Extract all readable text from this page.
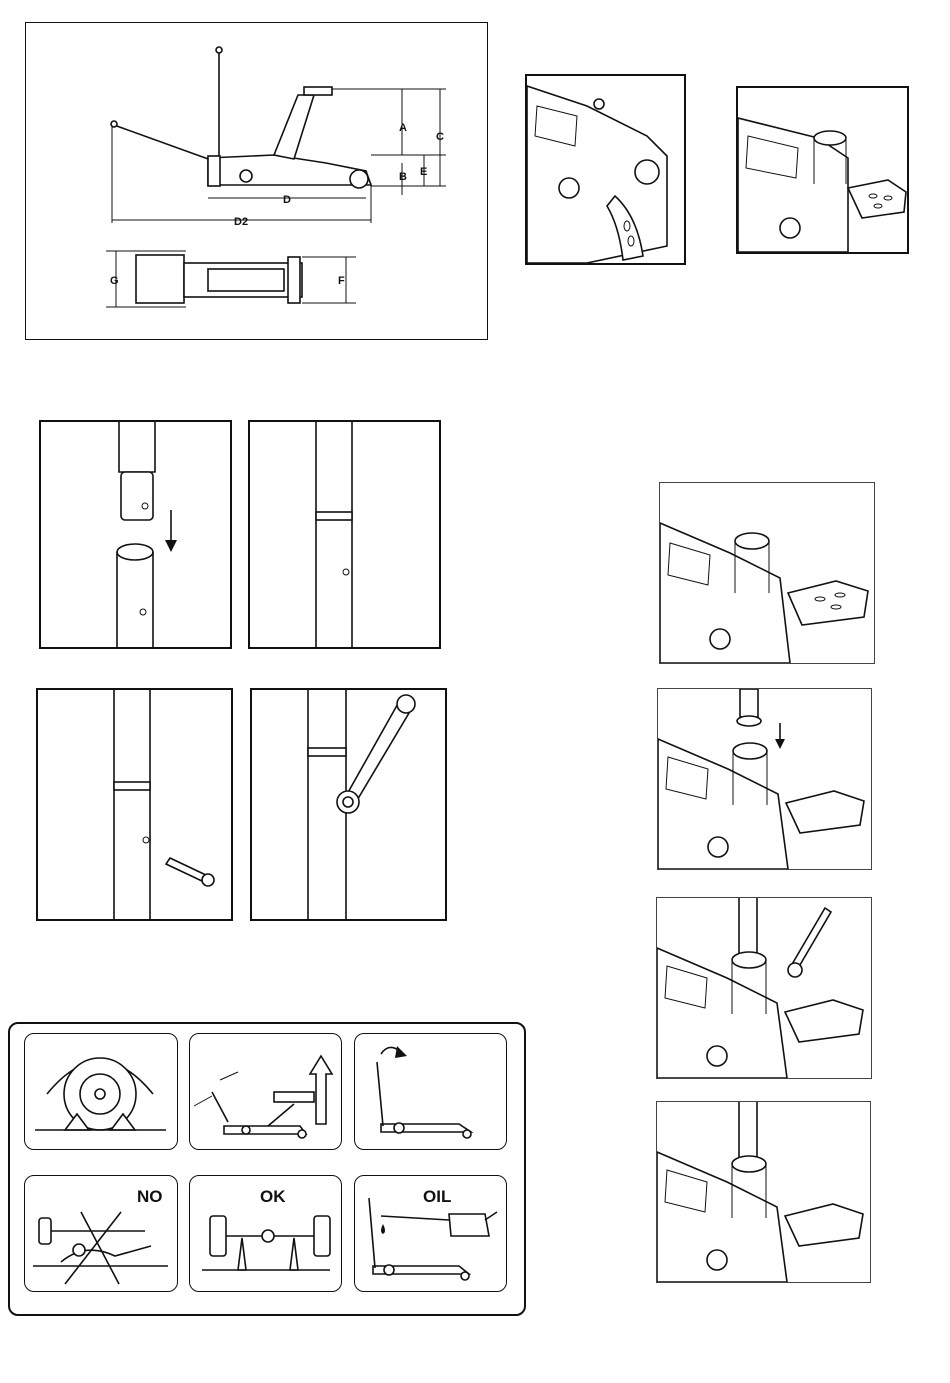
A
C
E
B
D
D2
G	F
NO	OK	OIL
